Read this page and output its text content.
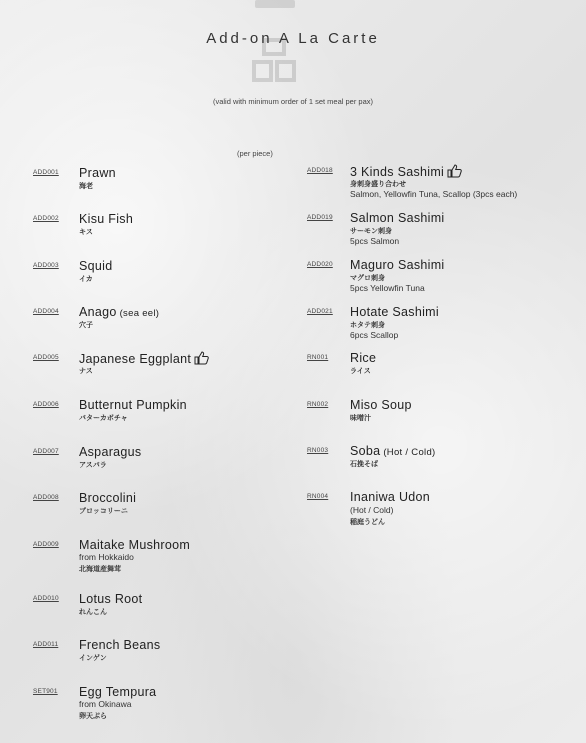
Add-on A La Carte
(valid with minimum order of 1 set meal per pax)
(per piece)
ADD001 Prawn
海老
ADD002 Kisu Fish
キス
ADD003 Squid
イカ
ADD004 Anago (sea eel)
穴子
ADD005 Japanese Eggplant
ナス
ADD006 Butternut Pumpkin
バターカボチャ
ADD007 Asparagus
アスパラ
ADD008 Broccolini
ブロッコリーニ
ADD009 Maitake Mushroom
from Hokkaido
北海道産舞茸
ADD010 Lotus Root
れんこん
ADD011 French Beans
インゲン
SET901 Egg Tempura
from Okinawa
卵天ぷら
ADD018 3 Kinds Sashimi
身刺身盛り合わせ
Salmon, Yellowfin Tuna, Scallop (3pcs each)
ADD019 Salmon Sashimi
サーモン刺身
5pcs Salmon
ADD020 Maguro Sashimi
マグロ刺身
5pcs Yellowfin Tuna
ADD021 Hotate Sashimi
ホタテ刺身
6pcs Scallop
RN001 Rice
ライス
RN002 Miso Soup
味噌汁
RN003 Soba (Hot / Cold)
石挽そば
RN004 Inaniwa Udon
(Hot / Cold)
稲庭うどん
